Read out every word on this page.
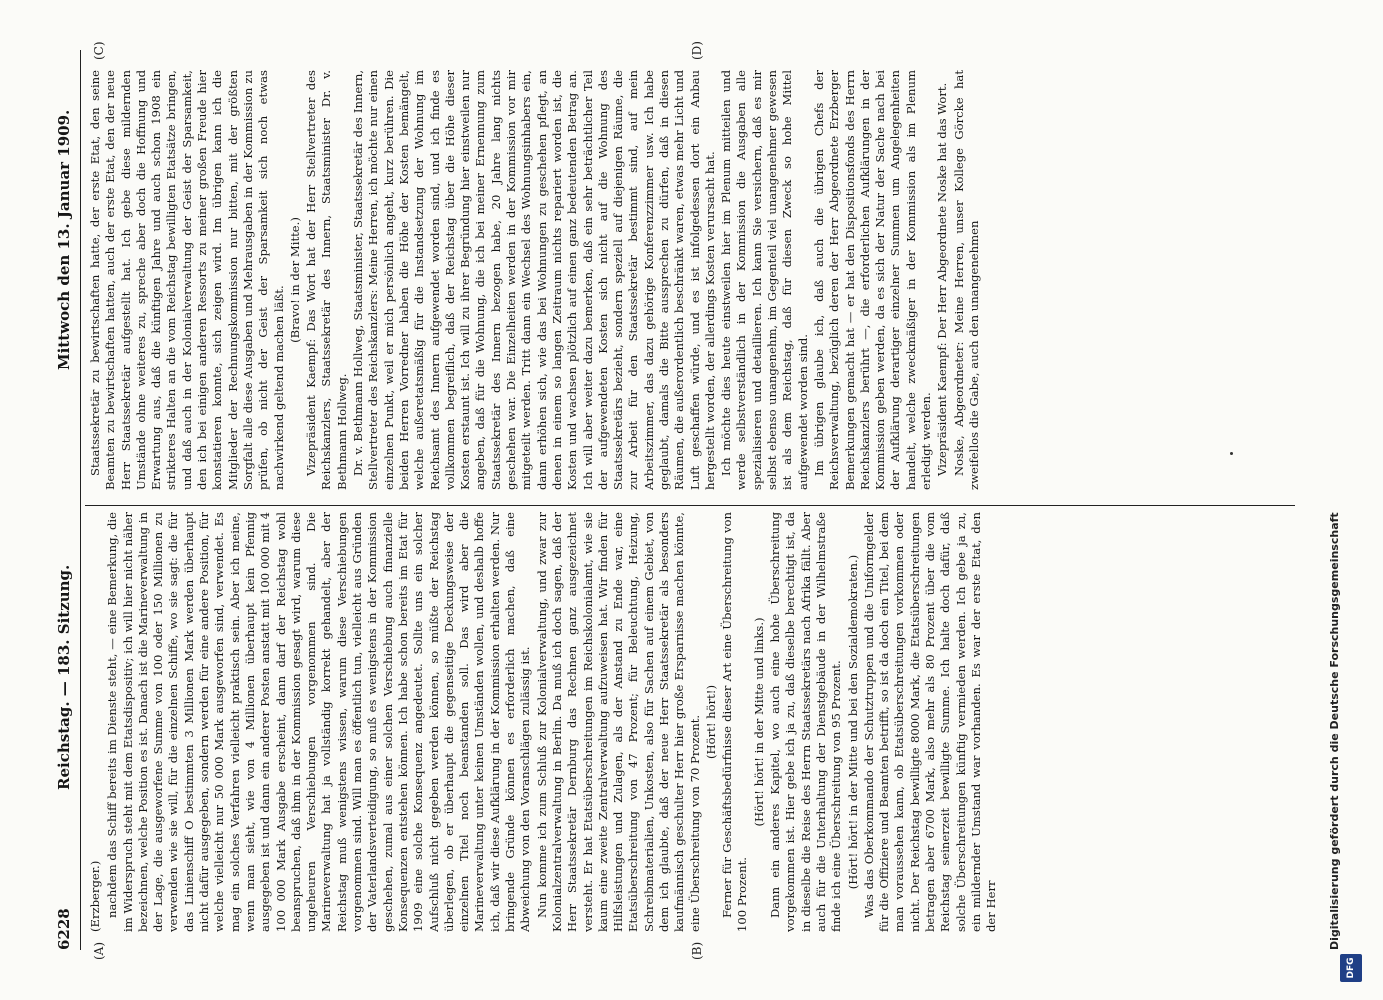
6228
Reichstag. — 183. Sitzung.
Mittwoch den 13. Januar 1909.
(A)	(B)
(C)	(D)
(Erzberger.) nachdem das Schiff bereits im Dienste steht, — eine Bemerkung, die im Widerspruch steht mit dem Etatsdispositiv; ich will hier nicht näher bezeichnen, welche Position es ist. Danach ist die Marineverwaltung in der Lage, die ausgeworfene Summe von 100 oder 150 Millionen zu verwenden wie sie will, für die einzelnen Schiffe, wo sie sagt: die für das Linienschiff O bestimmten 3 Millionen Mark werden überhaupt nicht dafür ausgegeben, sondern werden für eine andere Position, für welche vielleicht nur 50 000 Mark ausgeworfen sind, verwendet. Es mag ein solches Verfahren vielleicht praktisch sein. Aber ich meine, wenn man sieht, wie von 4 Millionen überhaupt kein Pfennig ausgegeben ist und dann ein anderer Posten anstatt mit 100 000 mit 4 100 000 Mark Ausgabe erscheint, dann darf der Reichstag wohl beanspruchen, daß ihm in der Kommission gesagt wird, warum diese ungeheuren Verschiebungen vorgenommen sind. Die Marineverwaltung hat ja vollständig korrekt gehandelt, aber der Reichstag muß wenigstens wissen, warum diese Verschiebungen vorgenommen sind. Will man es öffentlich tun, vielleicht aus Gründen der Vaterlandsverteidigung, so muß es wenigstens in der Kommission geschehen, zumal aus einer solchen Verschiebung auch finanzielle Konsequenzen entstehen können. Ich habe schon bereits im Etat für 1909 eine solche Konsequenz angedeutet. Sollte uns ein solcher Aufschluß nicht gegeben werden können, so müßte der Reichstag überlegen, ob er überhaupt die gegenseitige Deckungsweise der einzelnen Titel noch beanstanden soll. Das wird aber die Marineverwaltung unter keinen Umständen wollen, und deshalb hoffe ich, daß wir diese Aufklärung in der Kommission erhalten werden. Nur bringende Gründe können es erforderlich machen, daß eine Abweichung von den Voranschlägen zulässig ist. Nun komme ich zum Schluß zur Kolonialverwaltung, und zwar zur Kolonialzentralverwaltung in Berlin. Da muß ich doch sagen, daß der Herr Staatssekretär Dernburg das Rechnen ganz ausgezeichnet versteht. Er hat Etatsüberschreitungen im Reichskolonialamt, wie sie kaum eine zweite Zentralverwaltung aufzuweisen hat. Wir finden für Hilfsleistungen und Zulagen, als der Anstand zu Ende war, eine Etatsüberschreitung von 47 Prozent; für Beleuchtung, Heizung, Schreibmaterialien, Unkosten, also für Sachen auf einem Gebiet, von dem ich glaubte, daß der neue Herr Staatssekretär als besonders kaufmännisch geschulter Herr hier große Ersparnisse machen könnte, eine Überschreitung von 70 Prozent. (Hört! hört!) Ferner für Geschäftsbedürfnisse dieser Art eine Überschreitung von 100 Prozent.

(Hört! hört! in der Mitte und links.) Dann ein anderes Kapitel, wo auch eine hohe Überschreitung vorgekommen ist. Hier gebe ich ja zu, daß dieselbe berechtigt ist, da in dieselbe die Reise des Herrn Staatssekretärs nach Afrika fällt. Aber auch für die Unterhaltung der Dienstgebäude in der Wilhelmstraße finde ich eine Überschreitung von 95 Prozent. (Hört! hört! in der Mitte und bei den Sozialdemokraten.) Was das Oberkommando der Schutztruppen und die Uniformgelder für die Offiziere und Beamten betrifft, so ist da doch ein Titel, bei dem man voraussehen kann, ob Etatsüberschreitungen vorkommen oder nicht. Der Reichstag bewilligte 8000 Mark, die Etatsüberschreitungen betragen aber 6700 Mark, also mehr als 80 Prozent über die vom Reichstag seinerzeit bewilligte Summe. Ich halte doch dafür, daß solche Überschreitungen künftig vermieden werden. Ich gebe ja zu, ein mildernder Umstand war vorhanden. Es war der erste Etat, den der Herr

Staatssekretär zu bewirtschaften hatte, der erste Etat, den seine Beamten zu bewirtschaften hatten, auch der erste Etat, den der neue Herr Staatssekretär aufgestellt hat. Ich gebe diese mildernden Umstände ohne weiteres zu, spreche aber doch die Hoffnung und Erwartung aus, daß die künftigen Jahre und auch schon 1908 ein strikteres Halten an die vom Reichstag bewilligten Etatsätze bringen, und daß auch in der Kolonialverwaltung der Geist der Sparsamkeit, den ich bei einigen anderen Ressorts zu meiner großen Freude hier konstatieren konnte, sich zeigen wird. Im übrigen kann ich die Mitglieder der Rechnungskommission nur bitten, mit der größten Sorgfalt alle diese Ausgaben und Mehrausgaben in der Kommission zu prüfen, ob nicht der Geist der Sparsamkeit sich noch etwas nachwirkend geltend machen läßt.

(Bravo! in der Mitte.) Vizepräsident Kaempf: Das Wort hat der Herr Stellvertreter des Reichskanzlers, Staatssekretär des Innern, Staatsminister Dr. v. Bethmann Hollweg. Dr. v. Bethmann Hollweg, Staatsminister, Staatssekretär des Innern, Stellvertreter des Reichskanzlers: Meine Herren, ich möchte nur einen einzelnen Punkt, weil er mich persönlich angeht, kurz berühren. Die beiden Herren Vorredner haben die Höhe der Kosten bemängelt, welche außeretatsmäßig für die Instandsetzung der Wohnung im Reichsamt des Innern aufgewendet worden sind, und ich finde es vollkommen begreiflich, daß der Reichstag über die Höhe dieser Kosten erstaunt ist. Ich will zu ihrer Begründung hier einstweilen nur angeben, daß für die Wohnung, die ich bei meiner Ernennung zum Staatssekretär des Innern bezogen habe, 20 Jahre lang nichts geschehen war. Die Einzelheiten werden in der Kommission vor mir mitgeteilt werden. Tritt dann ein Wechsel des Wohnungsinhabers ein, dann erhöhen sich, wie das bei Wohnungen zu geschehen pflegt, an denen in einem so langen Zeitraum nichts repariert worden ist, die Kosten und wachsen plötzlich auf einen ganz bedeutenden Betrag an. Ich will aber weiter dazu bemerken, daß ein sehr beträchtlicher Teil der aufgewendeten Kosten sich nicht auf die Wohnung des Staatssekretärs bezieht, sondern speziell auf diejenigen Räume, die zur Arbeit für den Staatssekretär bestimmt sind, auf mein Arbeitszimmer, das dazu gehörige Konferenzzimmer usw. Ich habe geglaubt, damals die Bitte aussprechen zu dürfen, daß in diesen Räumen, die außerordentlich beschränkt waren, etwas mehr Licht und Luft geschaffen würde, und es ist infolgedessen dort ein Anbau hergestellt worden, der allerdings Kosten verursacht hat. Ich möchte dies heute einstweilen hier im Plenum mitteilen und werde selbstverständlich in der Kommission die Ausgaben alle spezialisieren und detaillieren. Ich kann Sie versichern, daß es mir selbst ebenso unangenehm, im Gegenteil viel unangenehmer gewesen ist als dem Reichstag, daß für diesen Zweck so hohe Mittel aufgewendet worden sind. Im übrigen glaube ich, daß auch die übrigen Chefs der Reichsverwaltung, bezüglich deren der Herr Abgeordnete Erzberger Bemerkungen gemacht hat — er hat den Dispositionsfonds des Herrn Reichskanzlers berührt —, die erforderlichen Aufklärungen in der Kommission geben werden, da es sich der Natur der Sache nach bei der Aufklärung derartiger einzelner Summen um Angelegenheiten handelt, welche zweckmäßiger in der Kommission als im Plenum erledigt werden. Vizepräsident Kaempf: Der Herr Abgeordnete Noske hat das Wort. Noske, Abgeordneter: Meine Herren, unser Kollege Görcke hat zweifellos die Gabe, auch den unangenehmen

Digitalisierung gefördert durch die Deutsche Forschungsgemeinschaft
DFG
